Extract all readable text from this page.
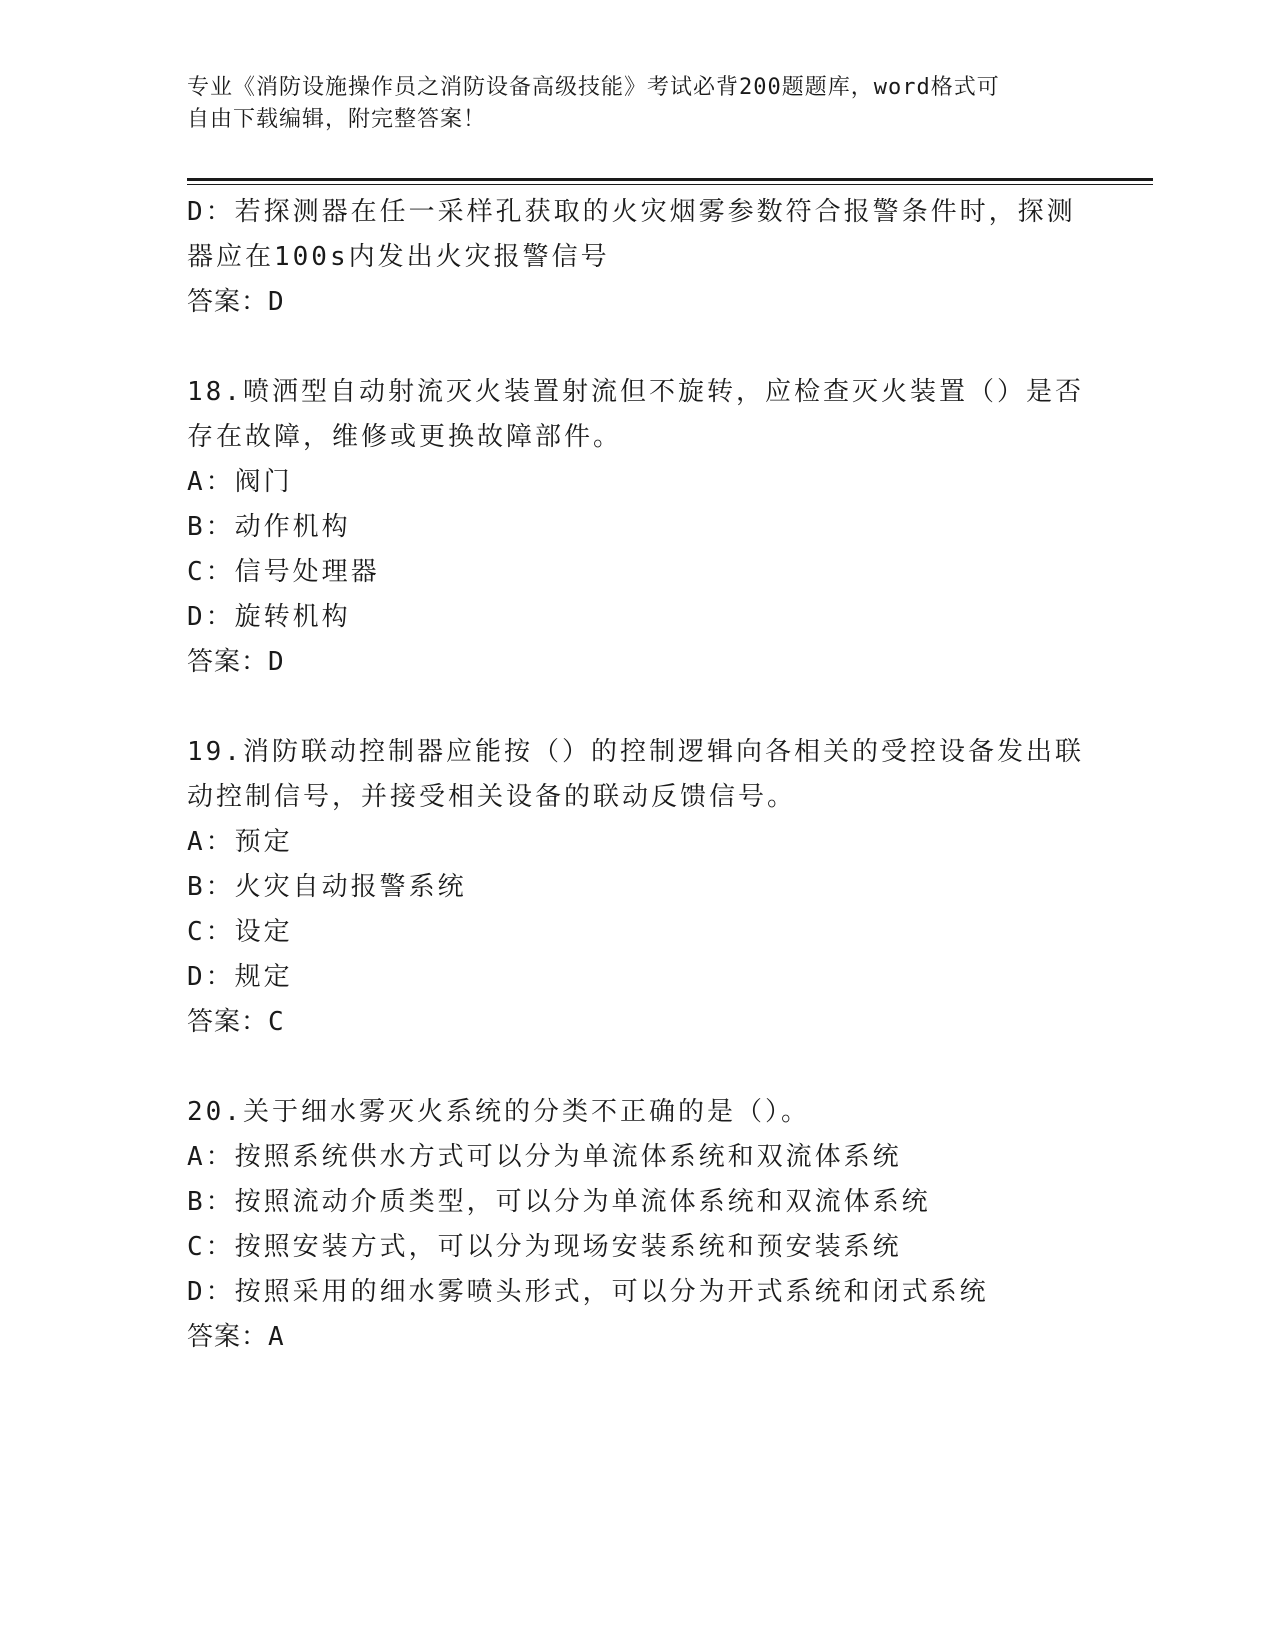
专业《消防设施操作员之消防设备高级技能》考试必背200题题库，word格式可
自由下载编辑，附完整答案！
D：若探测器在任一采样孔获取的火灾烟雾参数符合报警条件时，探测
器应在100s内发出火灾报警信号
答案：D
18.喷洒型自动射流灭火装置射流但不旋转，应检查灭火装置（）是否
存在故障，维修或更换故障部件。
A：阀门
B：动作机构
C：信号处理器
D：旋转机构
答案：D
19.消防联动控制器应能按（）的控制逻辑向各相关的受控设备发出联
动控制信号，并接受相关设备的联动反馈信号。
A：预定
B：火灾自动报警系统
C：设定
D：规定
答案：C
20.关于细水雾灭火系统的分类不正确的是（）。
A：按照系统供水方式可以分为单流体系统和双流体系统
B：按照流动介质类型，可以分为单流体系统和双流体系统
C：按照安装方式，可以分为现场安装系统和预安装系统
D：按照采用的细水雾喷头形式，可以分为开式系统和闭式系统
答案：A
